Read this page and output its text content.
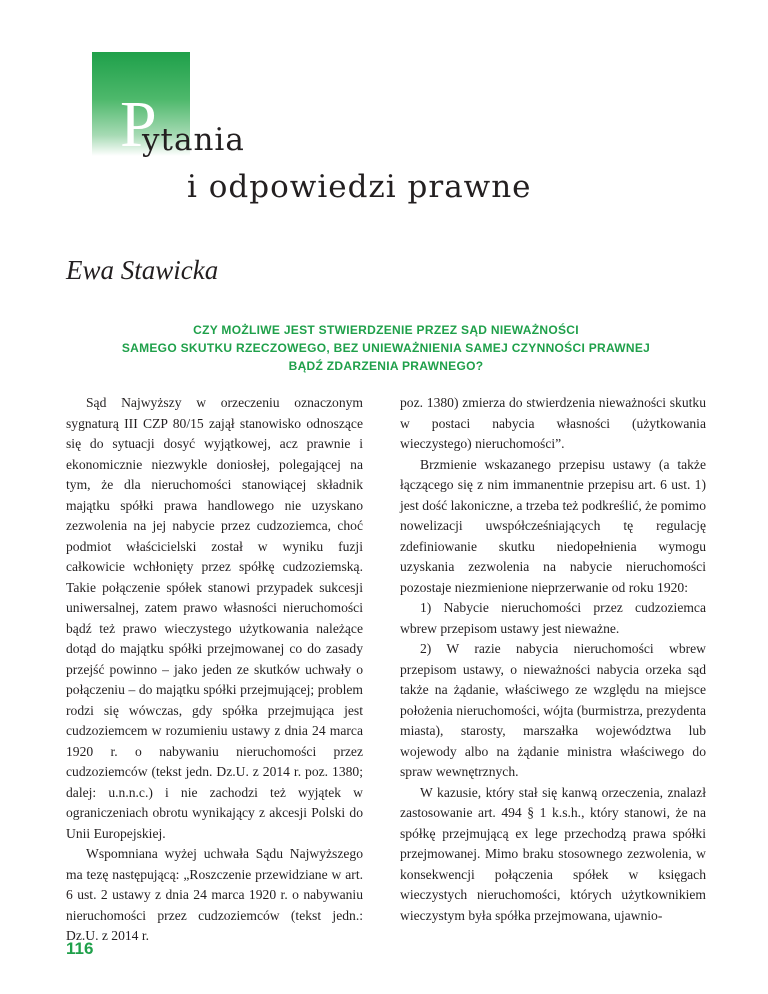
P
ytania
i odpowiedzi prawne
Ewa Stawicka
CZY MOŻLIWE JEST STWIERDZENIE PRZEZ SĄD NIEWAŻNOŚCI
SAMEGO SKUTKU RZECZOWEGO, BEZ UNIEWAŻNIENIA SAMEJ CZYNNOŚCI PRAWNEJ
BĄDŹ ZDARZENIA PRAWNEGO?

Sąd Najwyższy w orzeczeniu oznaczonym sygnaturą III CZP 80/15 zajął stanowisko odnoszące się do sytuacji dosyć wyjątkowej, acz prawnie i ekonomicznie niezwykle doniosłej, polegającej na tym, że dla nieruchomości stanowiącej składnik majątku spółki prawa handlowego nie uzyskano zezwolenia na jej nabycie przez cudzoziemca, choć podmiot właścicielski został w wyniku fuzji całkowicie wchłonięty przez spółkę cudzoziemską. Takie połączenie spółek stanowi przypadek sukcesji uniwersalnej, zatem prawo własności nieruchomości bądź też prawo wieczystego użytkowania należące dotąd do majątku spółki przejmowanej co do zasady przejść powinno – jako jeden ze skutków uchwały o połączeniu – do majątku spółki przejmującej; problem rodzi się wówczas, gdy spółka przejmująca jest cudzoziemcem w rozumieniu ustawy z dnia 24 marca 1920 r. o nabywaniu nieruchomości przez cudzoziemców (tekst jedn. Dz.U. z 2014 r. poz. 1380; dalej: u.n.n.c.) i nie zachodzi też wyjątek w ograniczeniach obrotu wynikający z akcesji Polski do Unii Europejskiej.

Wspomniana wyżej uchwała Sądu Najwyższego ma tezę następującą: „Roszczenie przewidziane w art. 6 ust. 2 ustawy z dnia 24 marca 1920 r. o nabywaniu nieruchomości przez cudzoziemców (tekst jedn.: Dz.U. z 2014 r.

poz. 1380) zmierza do stwierdzenia nieważności skutku w postaci nabycia własności (użytkowania wieczystego) nieruchomości”.

Brzmienie wskazanego przepisu ustawy (a także łączącego się z nim immanentnie przepisu art. 6 ust. 1) jest dość lakoniczne, a trzeba też podkreślić, że pomimo nowelizacji uwspółcześniających tę regulację zdefiniowanie skutku niedopełnienia wymogu uzyskania zezwolenia na nabycie nieruchomości pozostaje niezmienione nieprzerwanie od roku 1920:

1) Nabycie nieruchomości przez cudzoziemca wbrew przepisom ustawy jest nieważne.

2) W razie nabycia nieruchomości wbrew przepisom ustawy, o nieważności nabycia orzeka sąd także na żądanie, właściwego ze względu na miejsce położenia nieruchomości, wójta (burmistrza, prezydenta miasta), starosty, marszałka województwa lub wojewody albo na żądanie ministra właściwego do spraw wewnętrznych.

W kazusie, który stał się kanwą orzeczenia, znalazł zastosowanie art. 494 § 1 k.s.h., który stanowi, że na spółkę przejmującą ex lege przechodzą prawa spółki przejmowanej. Mimo braku stosownego zezwolenia, w konsekwencji połączenia spółek w księgach wieczystych nieruchomości, których użytkownikiem wieczystym była spółka przejmowana, ujawnio-

116
